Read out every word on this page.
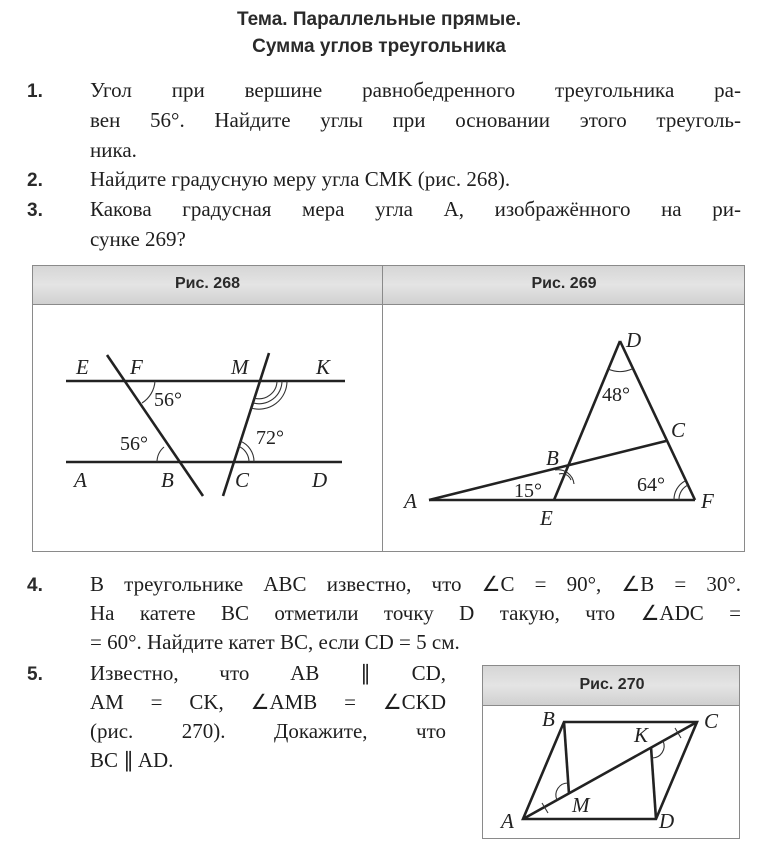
Тема. Параллельные прямые.
Сумма углов треугольника
1. Угол при вершине равнобедренного треугольника ра-
вен 56°. Найдите углы при основании этого треуголь-
ника.
2. Найдите градусную меру угла CMK (рис. 268).
3. Какова градусная мера угла A, изображённого на ри-
сунке 269?
Рис. 268	Рис. 269
E F	M	K
A	B	C	D
56°
56°	72°
D
C
B
A
E
F
48°
15°	64°
4. В треугольнике ABC известно, что ∠C = 90°, ∠B = 30°.
На катете BC отметили точку D такую, что ∠ADC =
= 60°. Найдите катет BC, если CD = 5 см.
5. Известно, что AB ∥ CD,
AM = CK, ∠AMB = ∠CKD
(рис. 270). Докажите, что
BC ∥ AD.
Рис. 270
B	C
K
M
A	D
